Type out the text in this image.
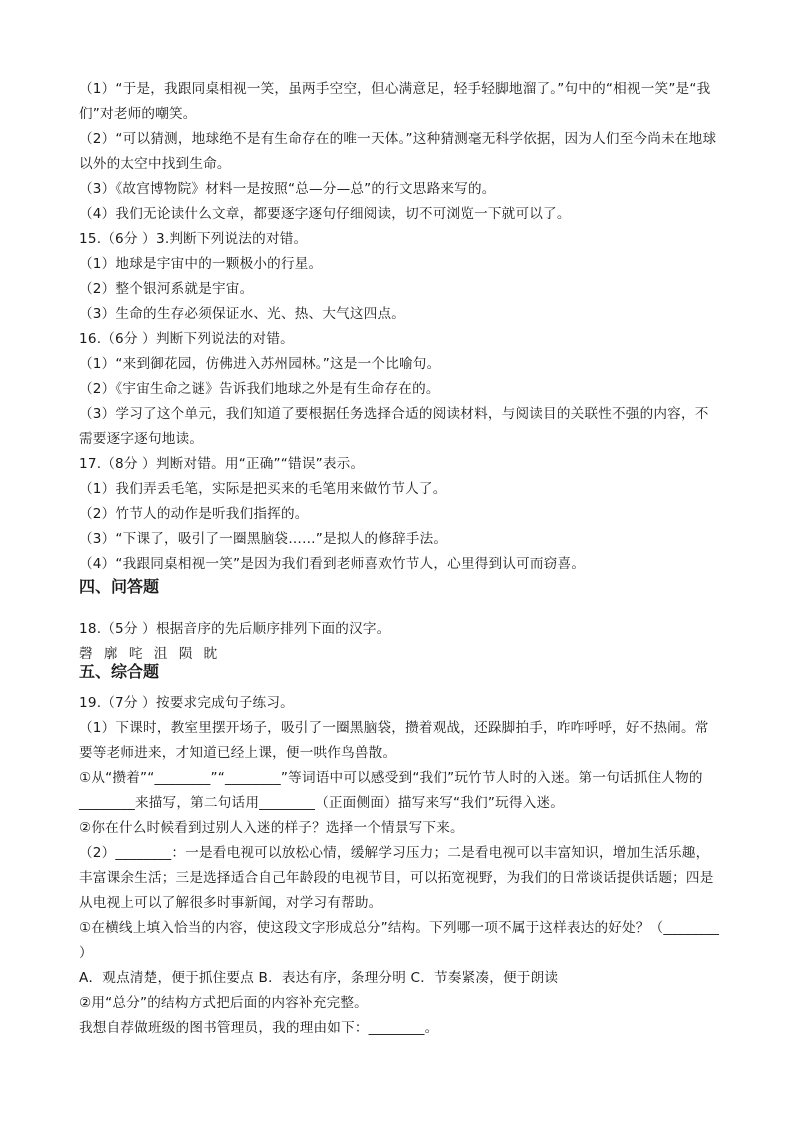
（1）“于是，我跟同桌相视一笑，虽两手空空，但心满意足，轻手轻脚地溜了。”句中的“相视一笑”是“我
们”对老师的嘲笑。
（2）“可以猜测，地球绝不是有生命存在的唯一天体。”这种猜测毫无科学依据，因为人们至今尚未在地球
以外的太空中找到生命。
（3）《故宫博物院》材料一是按照“总—分—总”的行文思路来写的。
（4）我们无论读什么文章，都要逐字逐句仔细阅读，切不可浏览一下就可以了。
15.（6分 ）3.判断下列说法的对错。
（1）地球是宇宙中的一颗极小的行星。
（2）整个银河系就是宇宙。
（3）生命的生存必须保证水、光、热、大气这四点。
16.（6分 ）判断下列说法的对错。
（1）“来到御花园，仿佛进入苏州园林。”这是一个比喻句。
（2）《宇宙生命之谜》告诉我们地球之外是有生命存在的。
（3）学习了这个单元，我们知道了要根据任务选择合适的阅读材料，与阅读目的关联性不强的内容，不
需要逐字逐句地读。
17.（8分 ）判断对错。用“正确”“错误”表示。
（1）我们弄丢毛笔，实际是把买来的毛笔用来做竹节人了。
（2）竹节人的动作是听我们指挥的。
（3）“下课了，吸引了一圈黑脑袋……”是拟人的修辞手法。
（4）“我跟同桌相视一笑”是因为我们看到老师喜欢竹节人，心里得到认可而窃喜。
四、问答题
18.（5分 ）根据音序的先后顺序排列下面的汉字。
磬 廓 咤 沮 陨 眈
五、综合题
19.（7分 ）按要求完成句子练习。
（1）下课时，教室里摆开场子，吸引了一圈黑脑袋，攒着观战，还跺脚拍手，咋咋呼呼，好不热闹。常
要等老师进来，才知道已经上课，便一哄作鸟兽散。
①从“攒着”“________”“________”等词语中可以感受到“我们”玩竹节人时的入迷。第一句话抓住人物的
________来描写，第二句话用________（正面侧面）描写来写“我们”玩得入迷。
②你在什么时候看到过别人入迷的样子？选择一个情景写下来。
（2）________：一是看电视可以放松心情，缓解学习压力；二是看电视可以丰富知识，增加生活乐趣，
丰富课余生活；三是选择适合自己年龄段的电视节目，可以拓宽视野，为我们的日常谈话提供话题；四是
从电视上可以了解很多时事新闻，对学习有帮助。
①在横线上填入恰当的内容，使这段文字形成总分”结构。下列哪一项不属于这样表达的好处？（________
）
A．观点清楚，便于抓住要点 B．表达有序，条理分明 C．节奏紧凑，便于朗读
②用“总分”的结构方式把后面的内容补充完整。
我想自荐做班级的图书管理员，我的理由如下：________。
